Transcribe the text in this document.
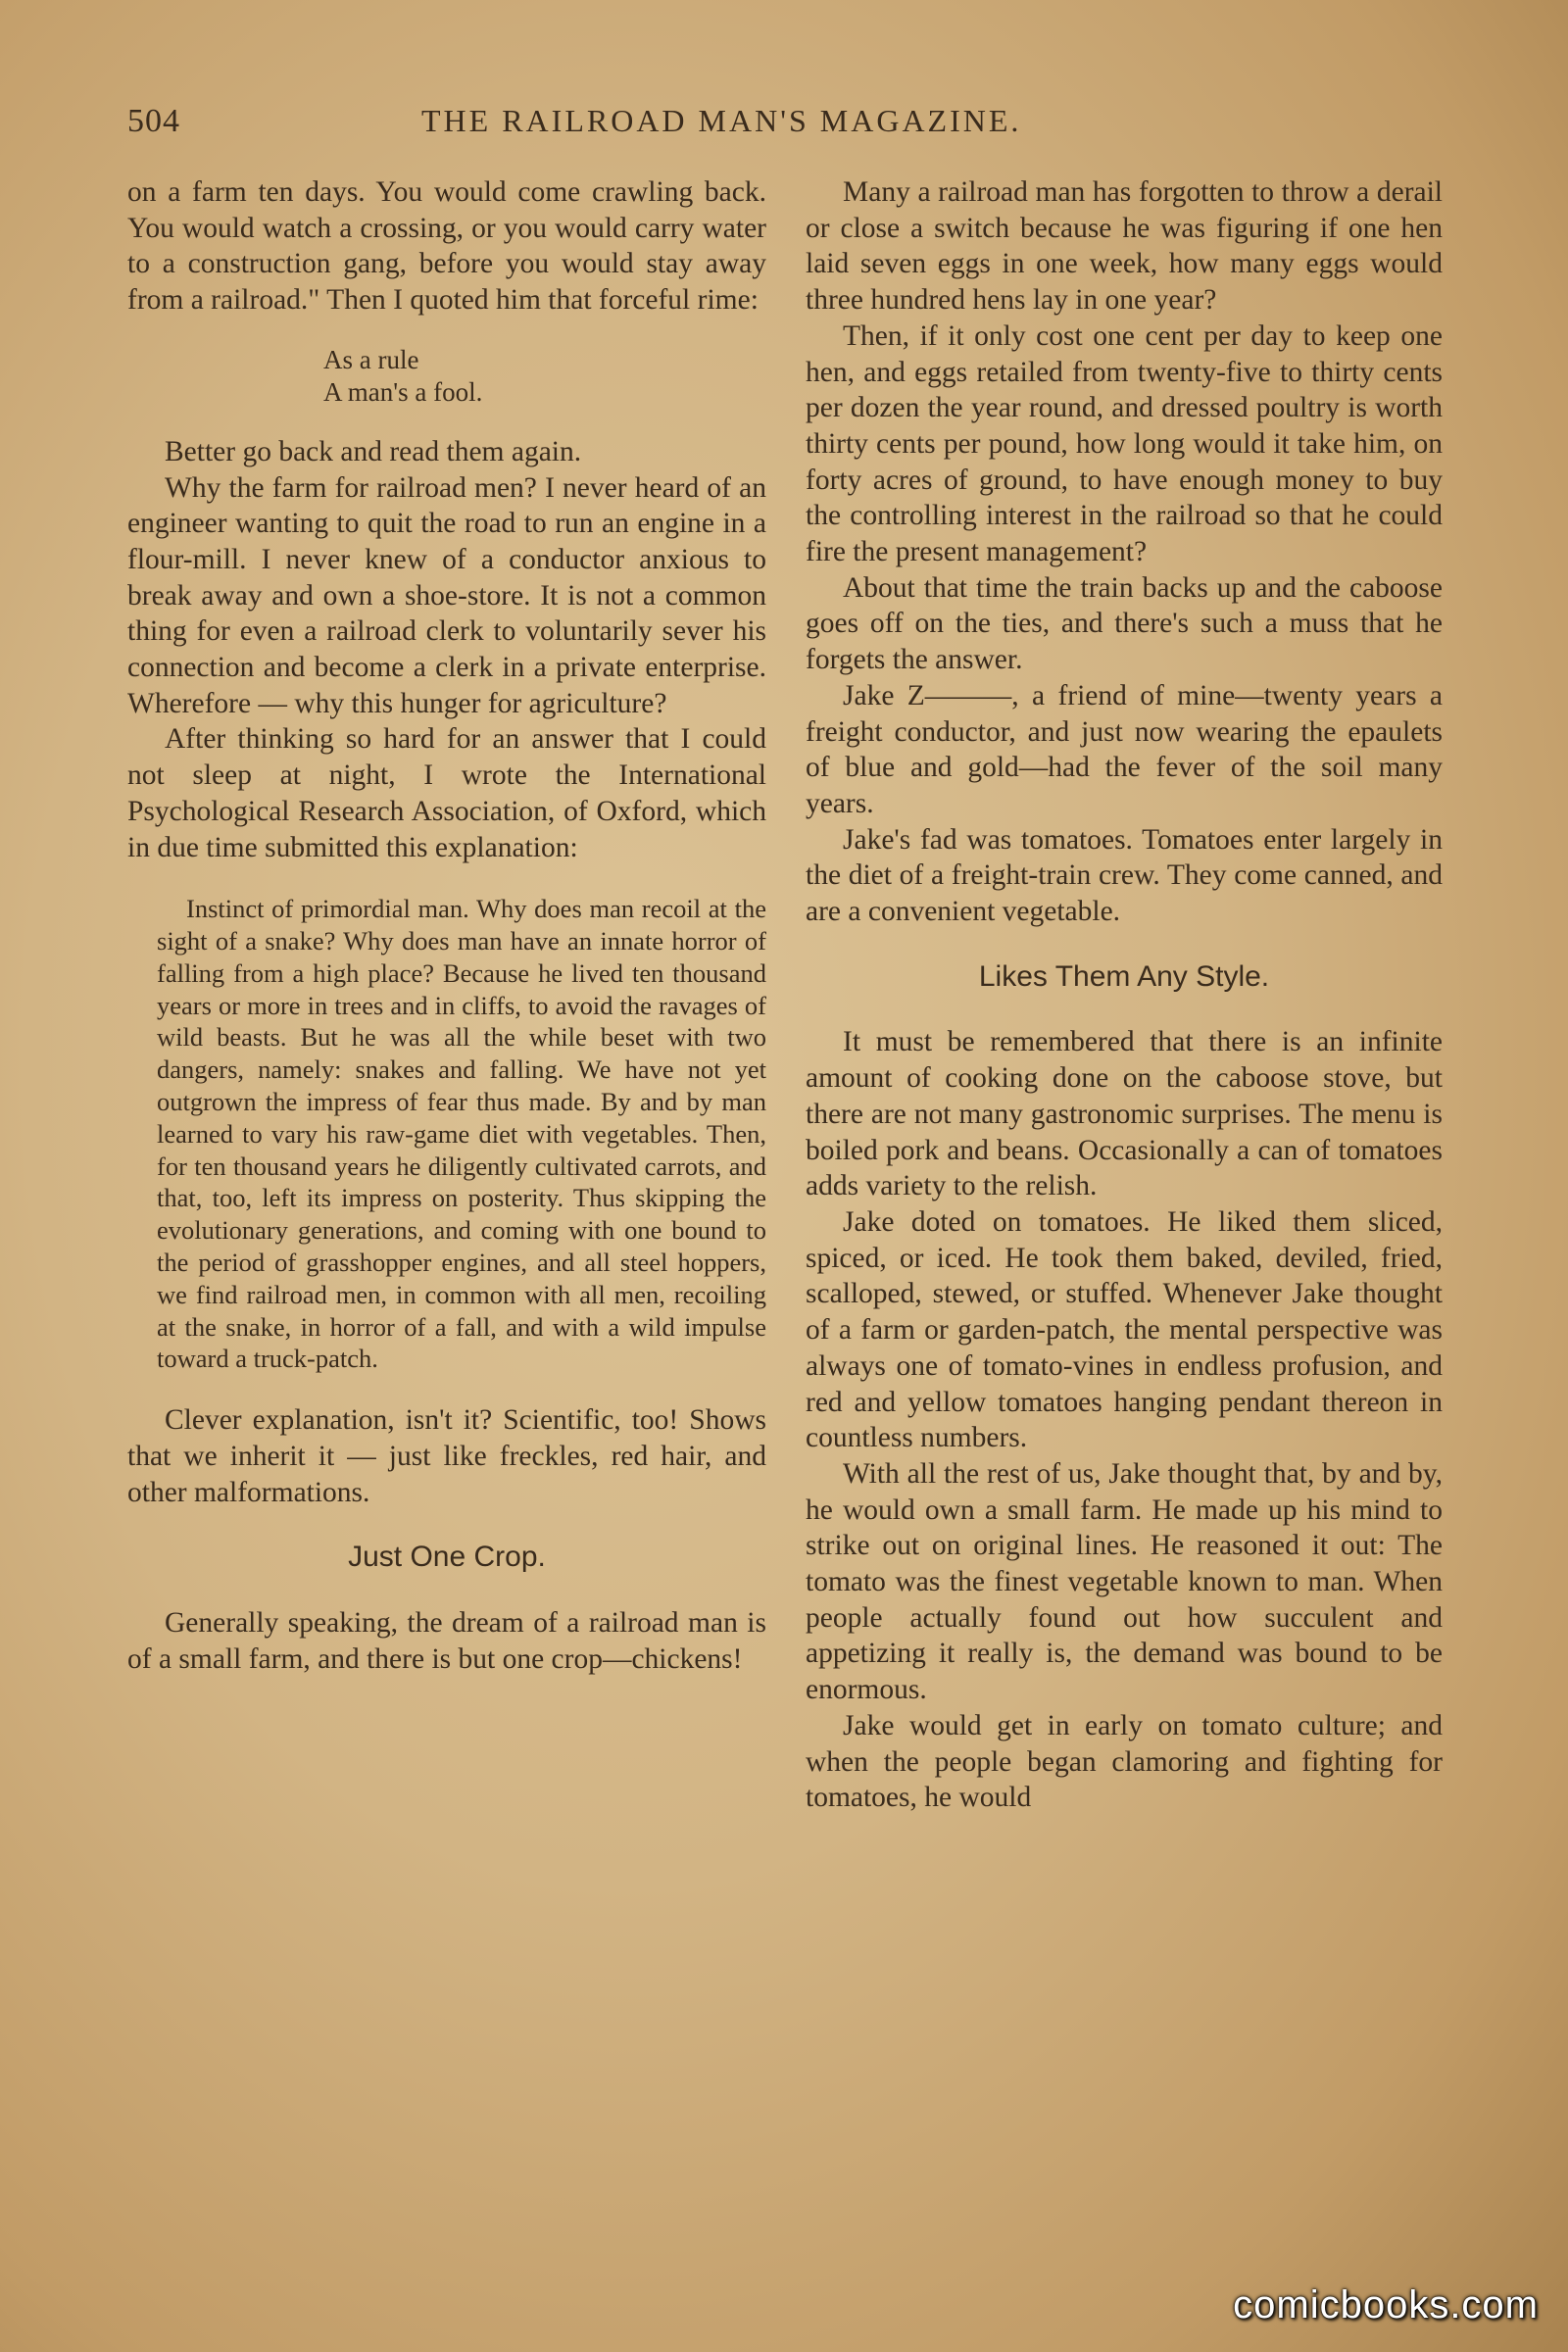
504	THE RAILROAD MAN'S MAGAZINE.

on a farm ten days. You would come crawling back. You would watch a crossing, or you would carry water to a construction gang, before you would stay away from a railroad." Then I quoted him that forceful rime:

As a rule
A man's a fool.

Better go back and read them again.

Why the farm for railroad men? I never heard of an engineer wanting to quit the road to run an engine in a flour-mill. I never knew of a conductor anxious to break away and own a shoe-store. It is not a common thing for even a railroad clerk to voluntarily sever his connection and become a clerk in a private enterprise. Wherefore — why this hunger for agriculture?

After thinking so hard for an answer that I could not sleep at night, I wrote the International Psychological Research Association, of Oxford, which in due time submitted this explanation:

Instinct of primordial man. Why does man recoil at the sight of a snake? Why does man have an innate horror of falling from a high place? Because he lived ten thousand years or more in trees and in cliffs, to avoid the ravages of wild beasts. But he was all the while beset with two dangers, namely: snakes and falling. We have not yet outgrown the impress of fear thus made. By and by man learned to vary his raw-game diet with vegetables. Then, for ten thousand years he diligently cultivated carrots, and that, too, left its impress on posterity. Thus skipping the evolutionary generations, and coming with one bound to the period of grasshopper engines, and all steel hoppers, we find railroad men, in common with all men, recoiling at the snake, in horror of a fall, and with a wild impulse toward a truck-patch.

Clever explanation, isn't it? Scientific, too! Shows that we inherit it — just like freckles, red hair, and other malformations.

Just One Crop.

Generally speaking, the dream of a railroad man is of a small farm, and there is but one crop—chickens!

Many a railroad man has forgotten to throw a derail or close a switch because he was figuring if one hen laid seven eggs in one week, how many eggs would three hundred hens lay in one year?

Then, if it only cost one cent per day to keep one hen, and eggs retailed from twenty-five to thirty cents per dozen the year round, and dressed poultry is worth thirty cents per pound, how long would it take him, on forty acres of ground, to have enough money to buy the controlling interest in the railroad so that he could fire the present management?

About that time the train backs up and the caboose goes off on the ties, and there's such a muss that he forgets the answer.

Jake Z———, a friend of mine—twenty years a freight conductor, and just now wearing the epaulets of blue and gold—had the fever of the soil many years.

Jake's fad was tomatoes. Tomatoes enter largely in the diet of a freight-train crew. They come canned, and are a convenient vegetable.

Likes Them Any Style.

It must be remembered that there is an infinite amount of cooking done on the caboose stove, but there are not many gastronomic surprises. The menu is boiled pork and beans. Occasionally a can of tomatoes adds variety to the relish.

Jake doted on tomatoes. He liked them sliced, spiced, or iced. He took them baked, deviled, fried, scalloped, stewed, or stuffed. Whenever Jake thought of a farm or garden-patch, the mental perspective was always one of tomato-vines in endless profusion, and red and yellow tomatoes hanging pendant thereon in countless numbers.

With all the rest of us, Jake thought that, by and by, he would own a small farm. He made up his mind to strike out on original lines. He reasoned it out: The tomato was the finest vegetable known to man. When people actually found out how succulent and appetizing it really is, the demand was bound to be enormous.

Jake would get in early on tomato culture; and when the people began clamoring and fighting for tomatoes, he would

comicbooks.com
